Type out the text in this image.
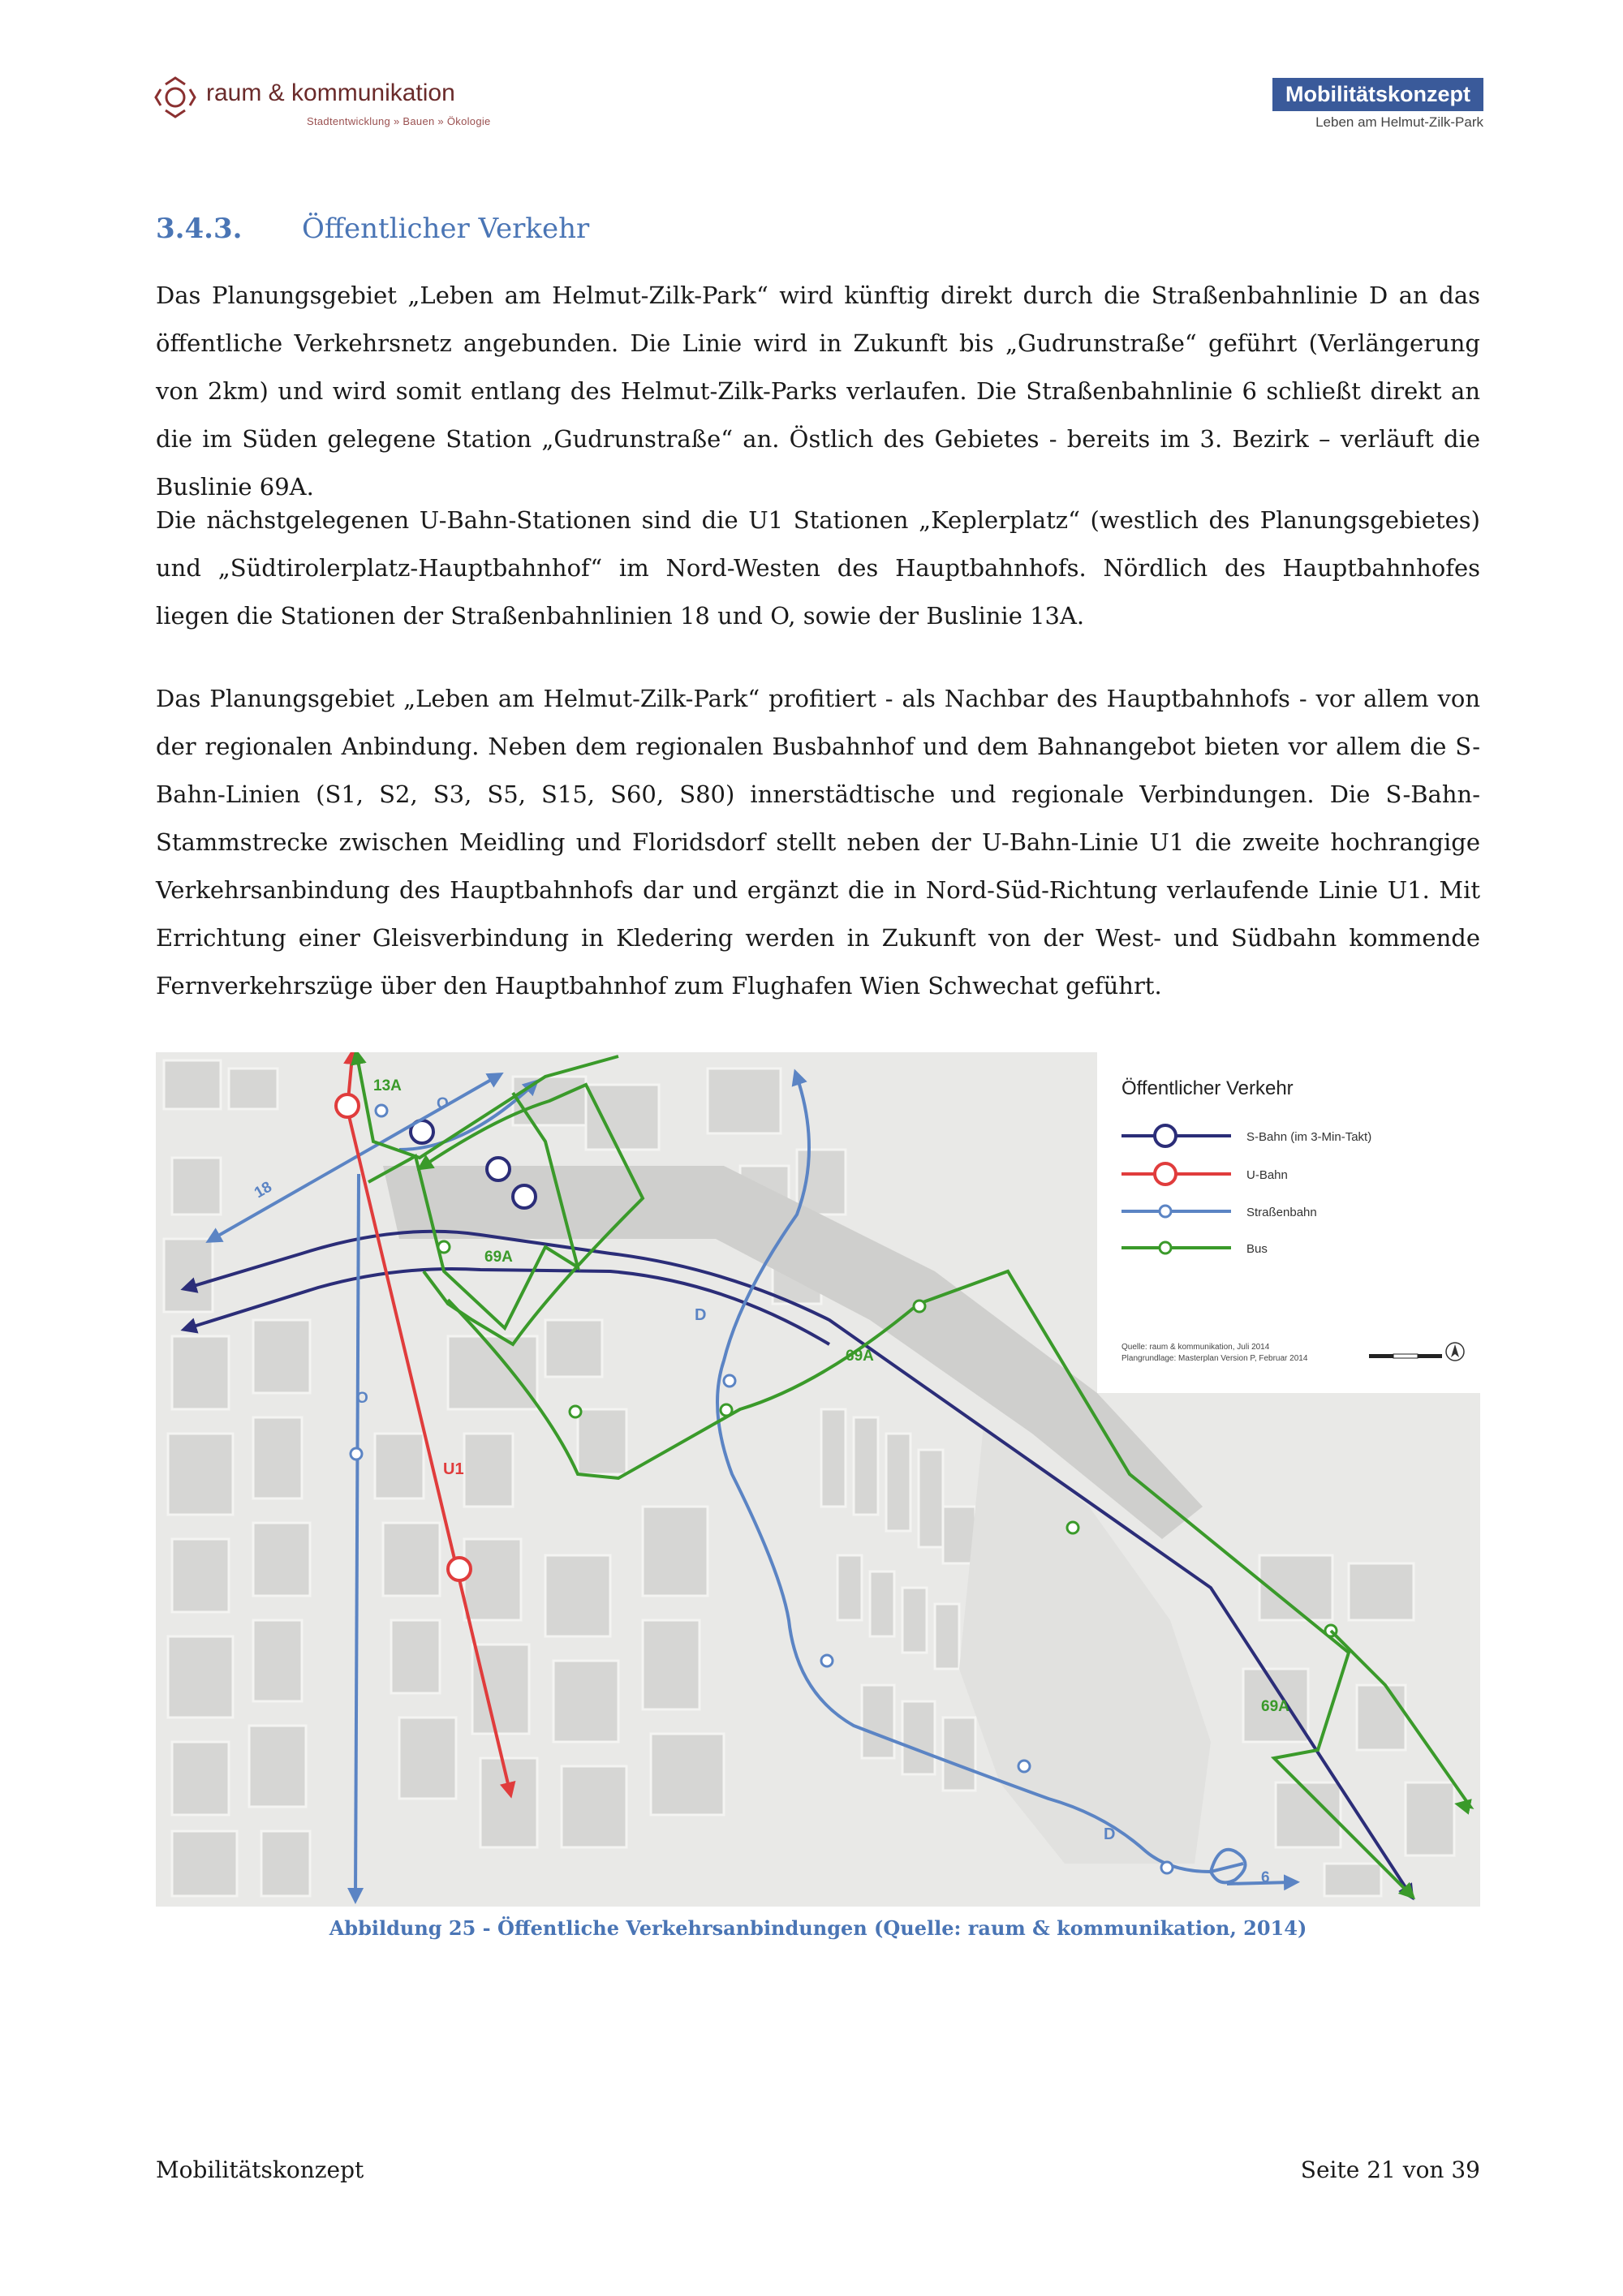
raum & kommunikation
Stadtentwicklung » Bauen » Ökologie
Mobilitätskonzept
Leben am Helmut-Zilk-Park
3.4.3. Öffentlicher Verkehr
Das Planungsgebiet „Leben am Helmut-Zilk-Park“ wird künftig direkt durch die Straßenbahnlinie D an das öffentliche Verkehrsnetz angebunden. Die Linie wird in Zukunft bis „Gudrunstraße“ geführt (Verlängerung von 2km) und wird somit entlang des Helmut-Zilk-Parks verlaufen. Die Straßenbahnlinie 6 schließt direkt an die im Süden gelegene Station „Gudrunstraße“ an. Östlich des Gebietes - bereits im 3. Bezirk – verläuft die Buslinie 69A.
Die nächstgelegenen U-Bahn-Stationen sind die U1 Stationen „Keplerplatz“ (westlich des Planungsgebietes) und „Südtirolerplatz-Hauptbahnhof“ im Nord-Westen des Hauptbahnhofs. Nördlich des Hauptbahnhofes liegen die Stationen der Straßenbahnlinien 18 und O, sowie der Buslinie 13A.
Das Planungsgebiet „Leben am Helmut-Zilk-Park“ profitiert - als Nachbar des Hauptbahnhofs - vor allem von der regionalen Anbindung. Neben dem regionalen Busbahnhof und dem Bahnangebot bieten vor allem die S-Bahn-Linien (S1, S2, S3, S5, S15, S60, S80) innerstädtische und regionale Verbindungen. Die S-Bahn-Stammstrecke zwischen Meidling und Floridsdorf stellt neben der U-Bahn-Linie U1 die zweite hochrangige Verkehrsanbindung des Hauptbahnhofs dar und ergänzt die in Nord-Süd-Richtung verlaufende Linie U1. Mit Errichtung einer Gleisverbindung in Kledering werden in Zukunft von der West- und Südbahn kommende Fernverkehrszüge über den Hauptbahnhof zum Flughafen Wien Schwechat geführt.
Öffentlicher Verkehr
S-Bahn (im 3-Min-Takt)
U-Bahn
Straßenbahn
Bus
Quelle: raum & kommunikation, Juli 2014
Plangrundlage: Masterplan Version P, Februar 2014
13A
O
18
69A
D
69A
O
U1
69A
D
6
Abbildung 25 - Öffentliche Verkehrsanbindungen (Quelle: raum & kommunikation, 2014)
Mobilitätskonzept	Seite 21 von 39
